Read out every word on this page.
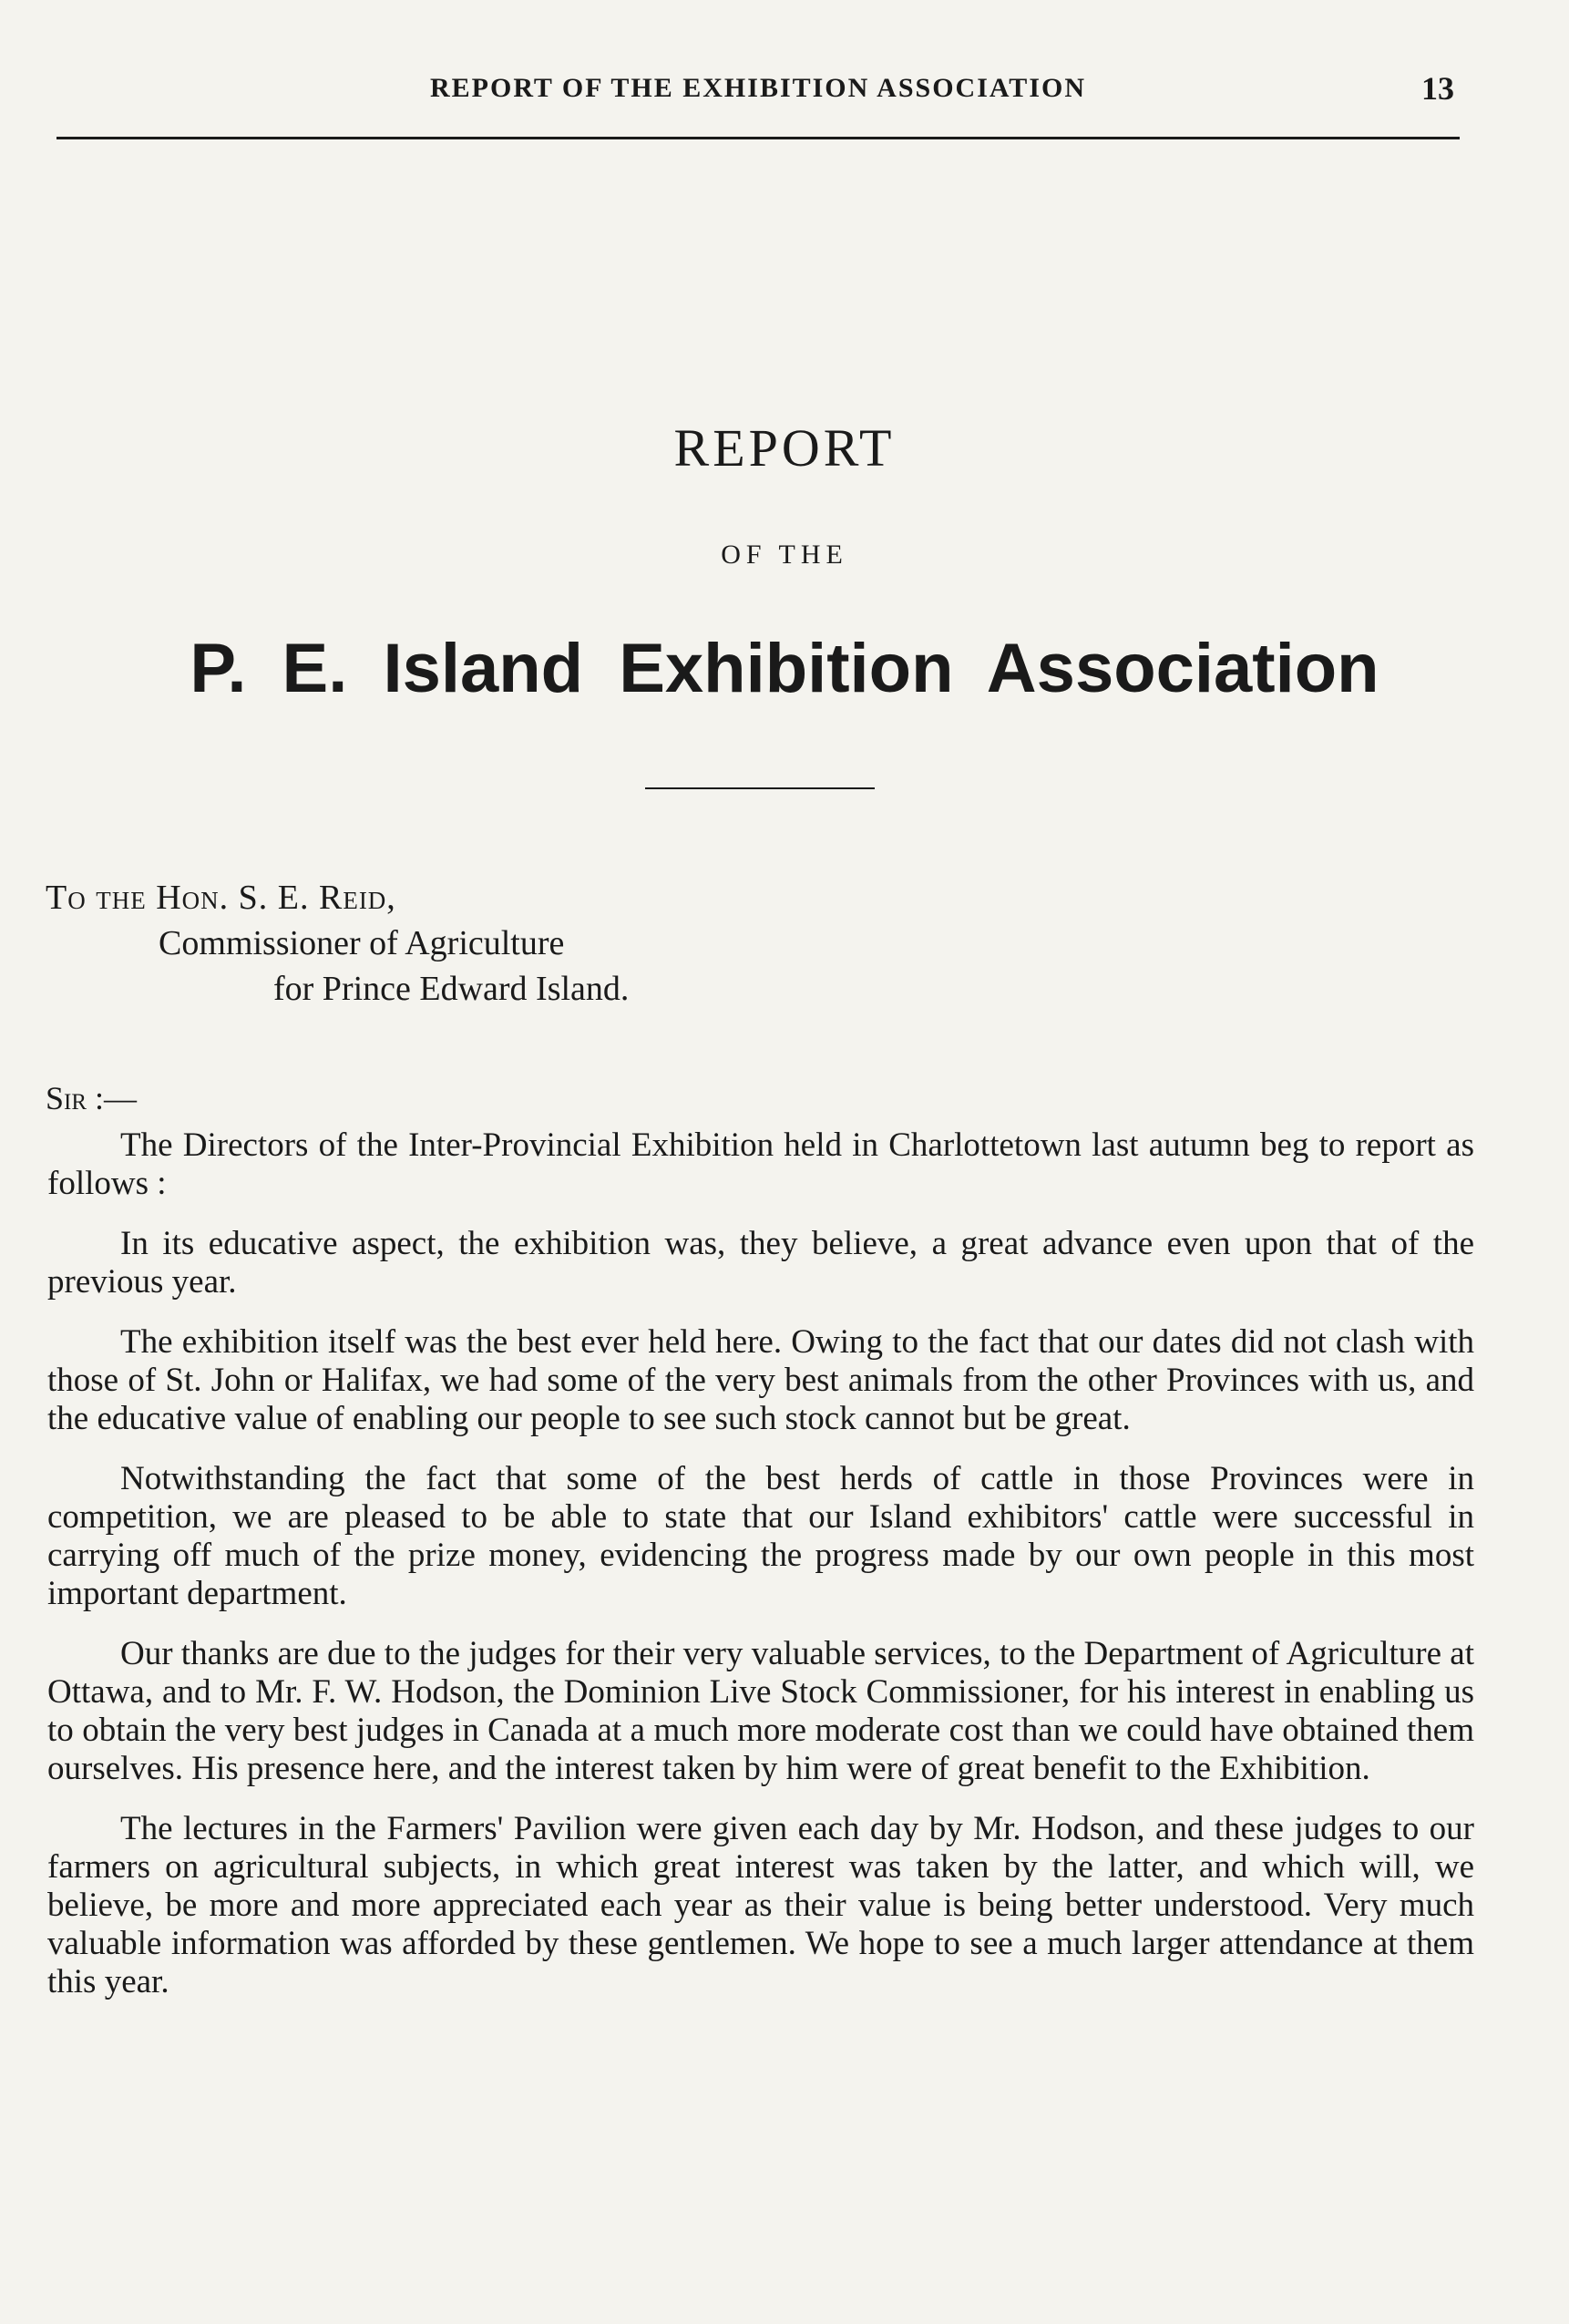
REPORT OF THE EXHIBITION ASSOCIATION	13
REPORT
OF THE
P. E. Island Exhibition Association
To the Hon. S. E. Reid,
Commissioner of Agriculture
for Prince Edward Island.
Sir :—

The Directors of the Inter-Provincial Exhibition held in Charlottetown last autumn beg to report as follows :

In its educative aspect, the exhibition was, they believe, a great advance even upon that of the previous year.

The exhibition itself was the best ever held here. Owing to the fact that our dates did not clash with those of St. John or Halifax, we had some of the very best animals from the other Provinces with us, and the educative value of enabling our people to see such stock cannot but be great.

Notwithstanding the fact that some of the best herds of cattle in those Provinces were in competition, we are pleased to be able to state that our Island exhibitors' cattle were successful in carrying off much of the prize money, evidencing the progress made by our own people in this most important department.

Our thanks are due to the judges for their very valuable services, to the Department of Agriculture at Ottawa, and to Mr. F. W. Hodson, the Dominion Live Stock Commissioner, for his interest in enabling us to obtain the very best judges in Canada at a much more moderate cost than we could have obtained them ourselves. His presence here, and the interest taken by him were of great benefit to the Exhibition.

The lectures in the Farmers' Pavilion were given each day by Mr. Hodson, and these judges to our farmers on agricultural subjects, in which great interest was taken by the latter, and which will, we believe, be more and more appreciated each year as their value is being better understood. Very much valuable information was afforded by these gentlemen. We hope to see a much larger attendance at them this year.
